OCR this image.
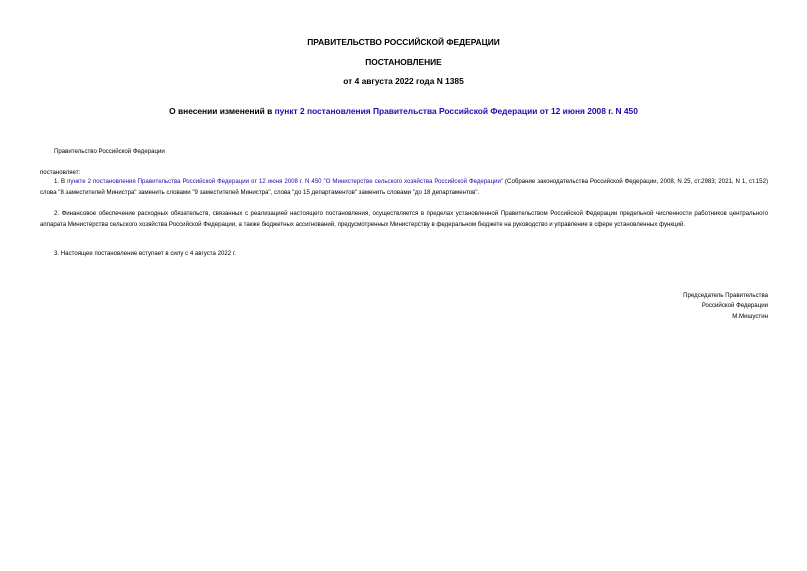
ПРАВИТЕЛЬСТВО РОССИЙСКОЙ ФЕДЕРАЦИИ
ПОСТАНОВЛЕНИЕ
от 4 августа 2022 года N 1385
О внесении изменений в пункт 2 постановления Правительства Российской Федерации от 12 июня 2008 г. N 450
Правительство Российской Федерации
постановляет:
1. В пункте 2 постановления Правительства Российской Федерации от 12 июня 2008 г. N 450 "О Министерстве сельского хозяйства Российской Федерации" (Собрание законодательства Российской Федерации, 2008, N 25, ст.2983; 2021, N 1, ст.152) слова "8 заместителей Министра" заменить словами "9 заместителей Министра", слова "до 15 департаментов" заменить словами "до 18 департаментов".
2. Финансовое обеспечение расходных обязательств, связанных с реализацией настоящего постановления, осуществляется в пределах установленной Правительством Российской Федерации предельной численности работников центрального аппарата Министерства сельского хозяйства Российской Федерации, а также бюджетных ассигнований, предусмотренных Министерству в федеральном бюджете на руководство и управление в сфере установленных функций.
3. Настоящее постановление вступает в силу с 4 августа 2022 г.
Председатель Правительства
Российской Федерации
М.Мишустин
